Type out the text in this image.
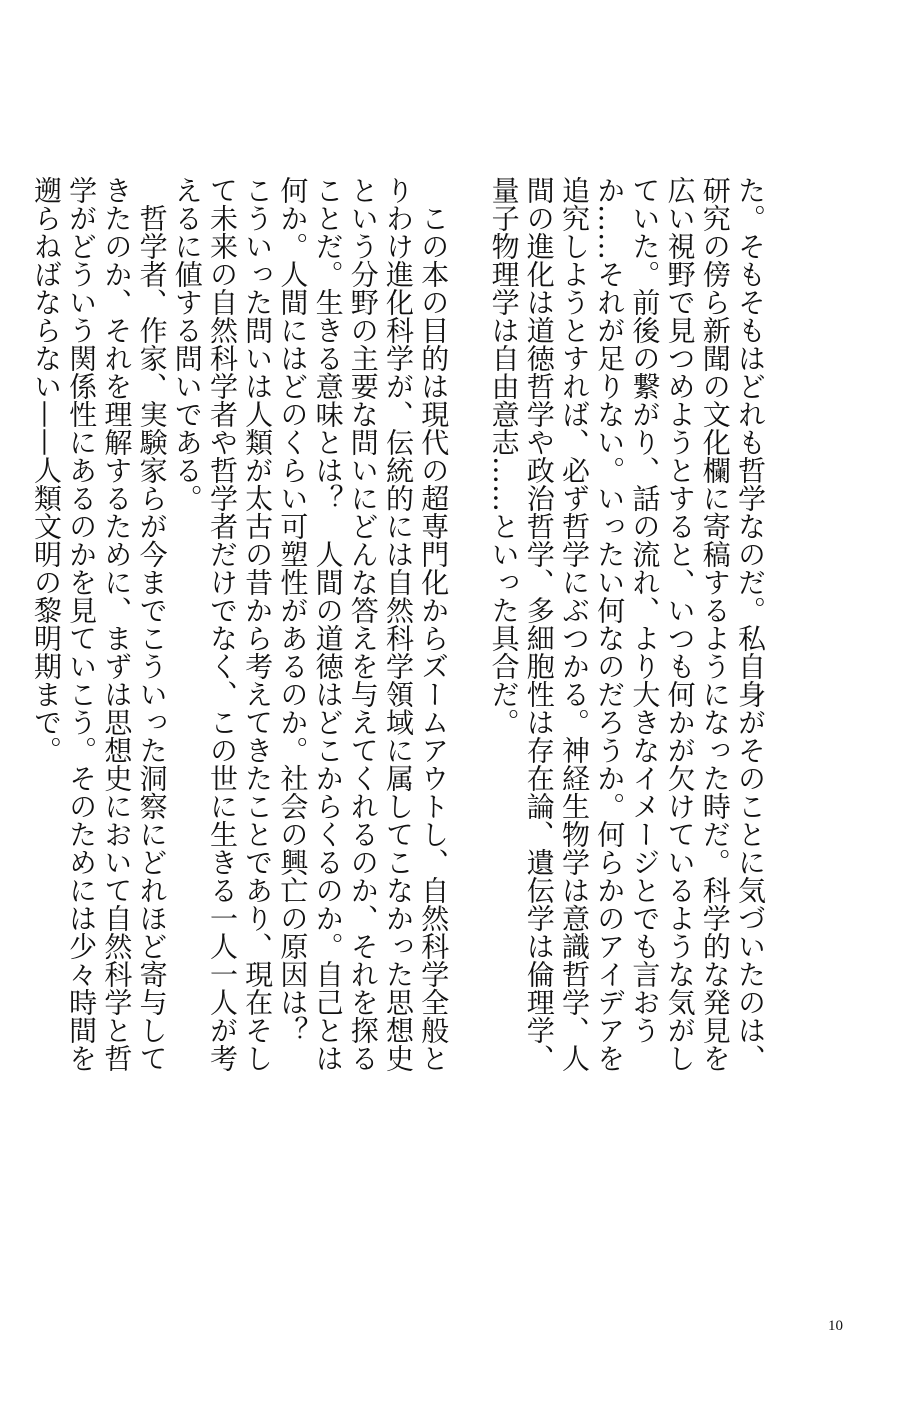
た。そもそもはどれも哲学なのだ。私自身がそのことに気づいたのは、研究の傍ら新聞の文化欄に寄稿するようになった時だ。科学的な発見を広い視野で見つめようとすると、いつも何かが欠けているような気がしていた。前後の繋がり、話の流れ、より大きなイメージとでも言おうか……それが足りない。いったい何なのだろうか。何らかのアイデアを追究しようとすれば、必ず哲学にぶつかる。神経生物学は意識哲学、人間の進化は道徳哲学や政治哲学、多細胞性は存在論、遺伝学は倫理学、量子物理学は自由意志……といった具合だ。

この本の目的は現代の超専門化からズームアウトし、自然科学全般とりわけ進化科学が、伝統的には自然科学領域に属してこなかった思想史という分野の主要な問いにどんな答えを与えてくれるのか、それを探ることだ。生きる意味とは？　人間の道徳はどこからくるのか。自己とは何か。人間にはどのくらい可塑性があるのか。社会の興亡の原因は？　こういった問いは人類が太古の昔から考えてきたことであり、現在そして未来の自然科学者や哲学者だけでなく、この世に生きる一人一人が考えるに値する問いである。

哲学者、作家、実験家らが今までこういった洞察にどれほど寄与してきたのか、それを理解するために、まずは思想史において自然科学と哲学がどういう関係性にあるのかを見ていこう。そのためには少々時間を遡らねばならない——人類文明の黎明期まで。

10
